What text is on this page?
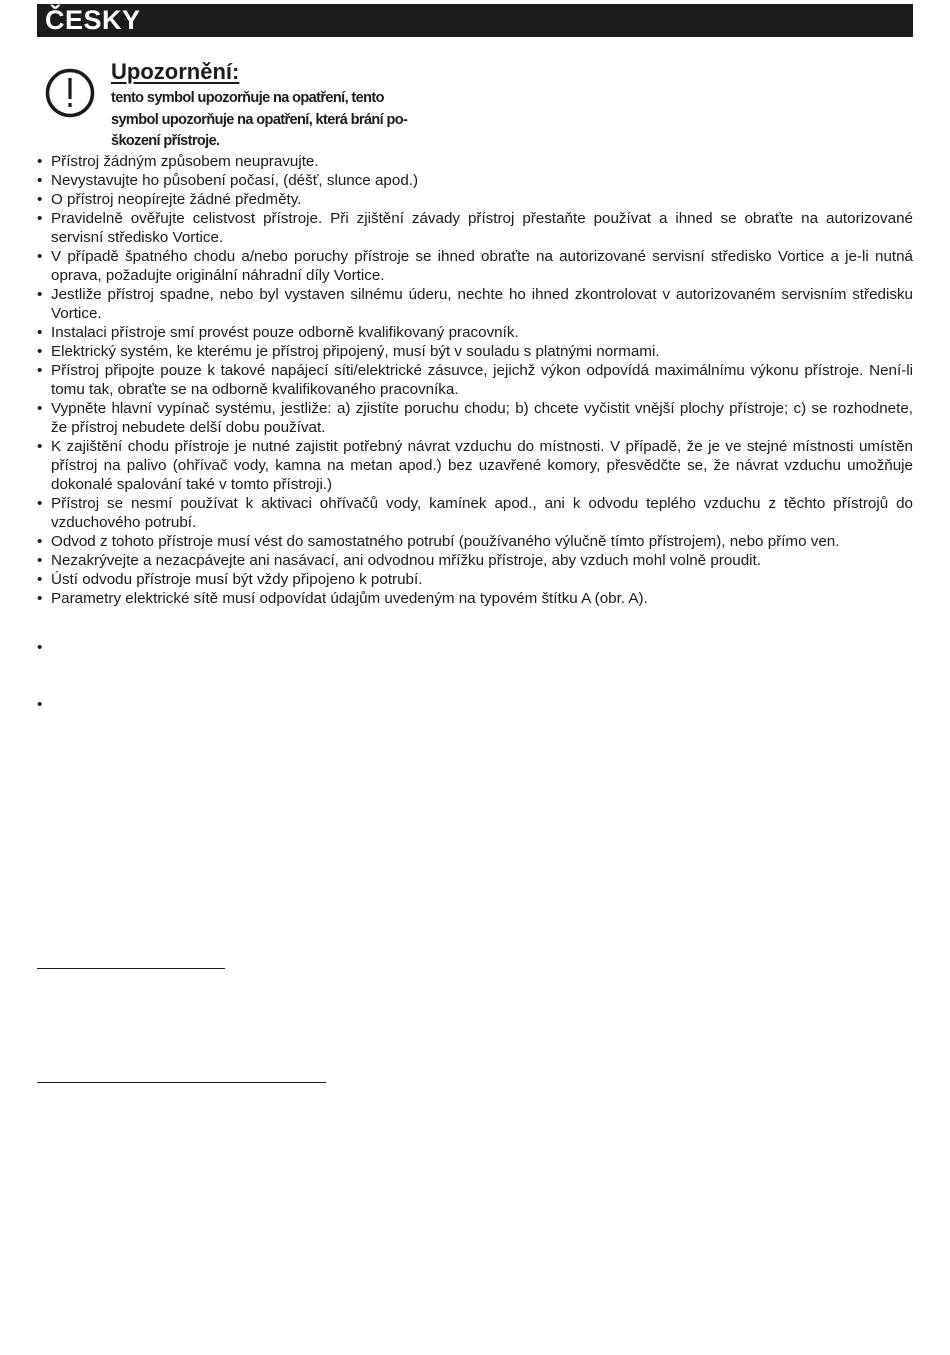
ČESKY
Upozornění:
tento symbol upozorňuje na opatření, tento
symbol upozorňuje na opatření, která brání po-
škození přístroje.
• Přístroj žádným způsobem neupravujte.
• Nevystavujte ho působení počasí, (déšť, slunce apod.)
• O přístroj neopírejte žádné předměty.
• Pravidelně ověřujte celistvost přístroje. Při zjištění závady přístroj přestaňte používat a ihned se obraťte na autorizované servisní středisko Vortice.
• V případě špatného chodu a/nebo poruchy přístroje se ihned obraťte na autorizované servisní středisko Vortice a je-li nutná oprava, požadujte originální náhradní díly Vortice.
• Jestliže přístroj spadne, nebo byl vystaven silnému úderu, nechte ho ihned zkontrolovat v autorizovaném servisním středisku Vortice.
• Instalaci přístroje smí provést pouze odborně kvalifikovaný pracovník.
• Elektrický systém, ke kterému je přístroj připojený, musí být v souladu s platnými normami.
• Přístroj připojte pouze k takové napájecí síti/elektrické zásuvce, jejichž výkon odpovídá maximálnímu výkonu přístroje. Není-li tomu tak, obraťte se na odborně kvalifikovaného pracovníka.
• Vypněte hlavní vypínač systému, jestliže: a) zjistíte poruchu chodu; b) chcete vyčistit vnější plochy přístroje; c) se rozhodnete, že přístroj nebudete delší dobu používat.
• K zajištění chodu přístroje je nutné zajistit potřebný návrat vzduchu do místnosti. V případě, že je ve stejné místnosti umístěn přístroj na palivo (ohřívač vody, kamna na metan apod.) bez uzavřené komory, přesvědčte se, že návrat vzduchu umožňuje dokonalé spalování také v tomto přístroji.)
• Přístroj se nesmí používat k aktivaci ohřívačů vody, kamínek apod., ani k odvodu teplého vzduchu z těchto přístrojů do vzduchového potrubí.
• Odvod z tohoto přístroje musí vést do samostatného potrubí (používaného výlučně tímto přístrojem), nebo přímo ven.
• Nezakrývejte a nezacpávejte ani nasávací, ani odvodnou mřížku přístroje, aby vzduch mohl volně proudit.
• Ústí odvodu přístroje musí být vždy připojeno k potrubí.
• Parametry elektrické sítě musí odpovídat údajům uvedeným na typovém štítku A (obr. A).
•
•
